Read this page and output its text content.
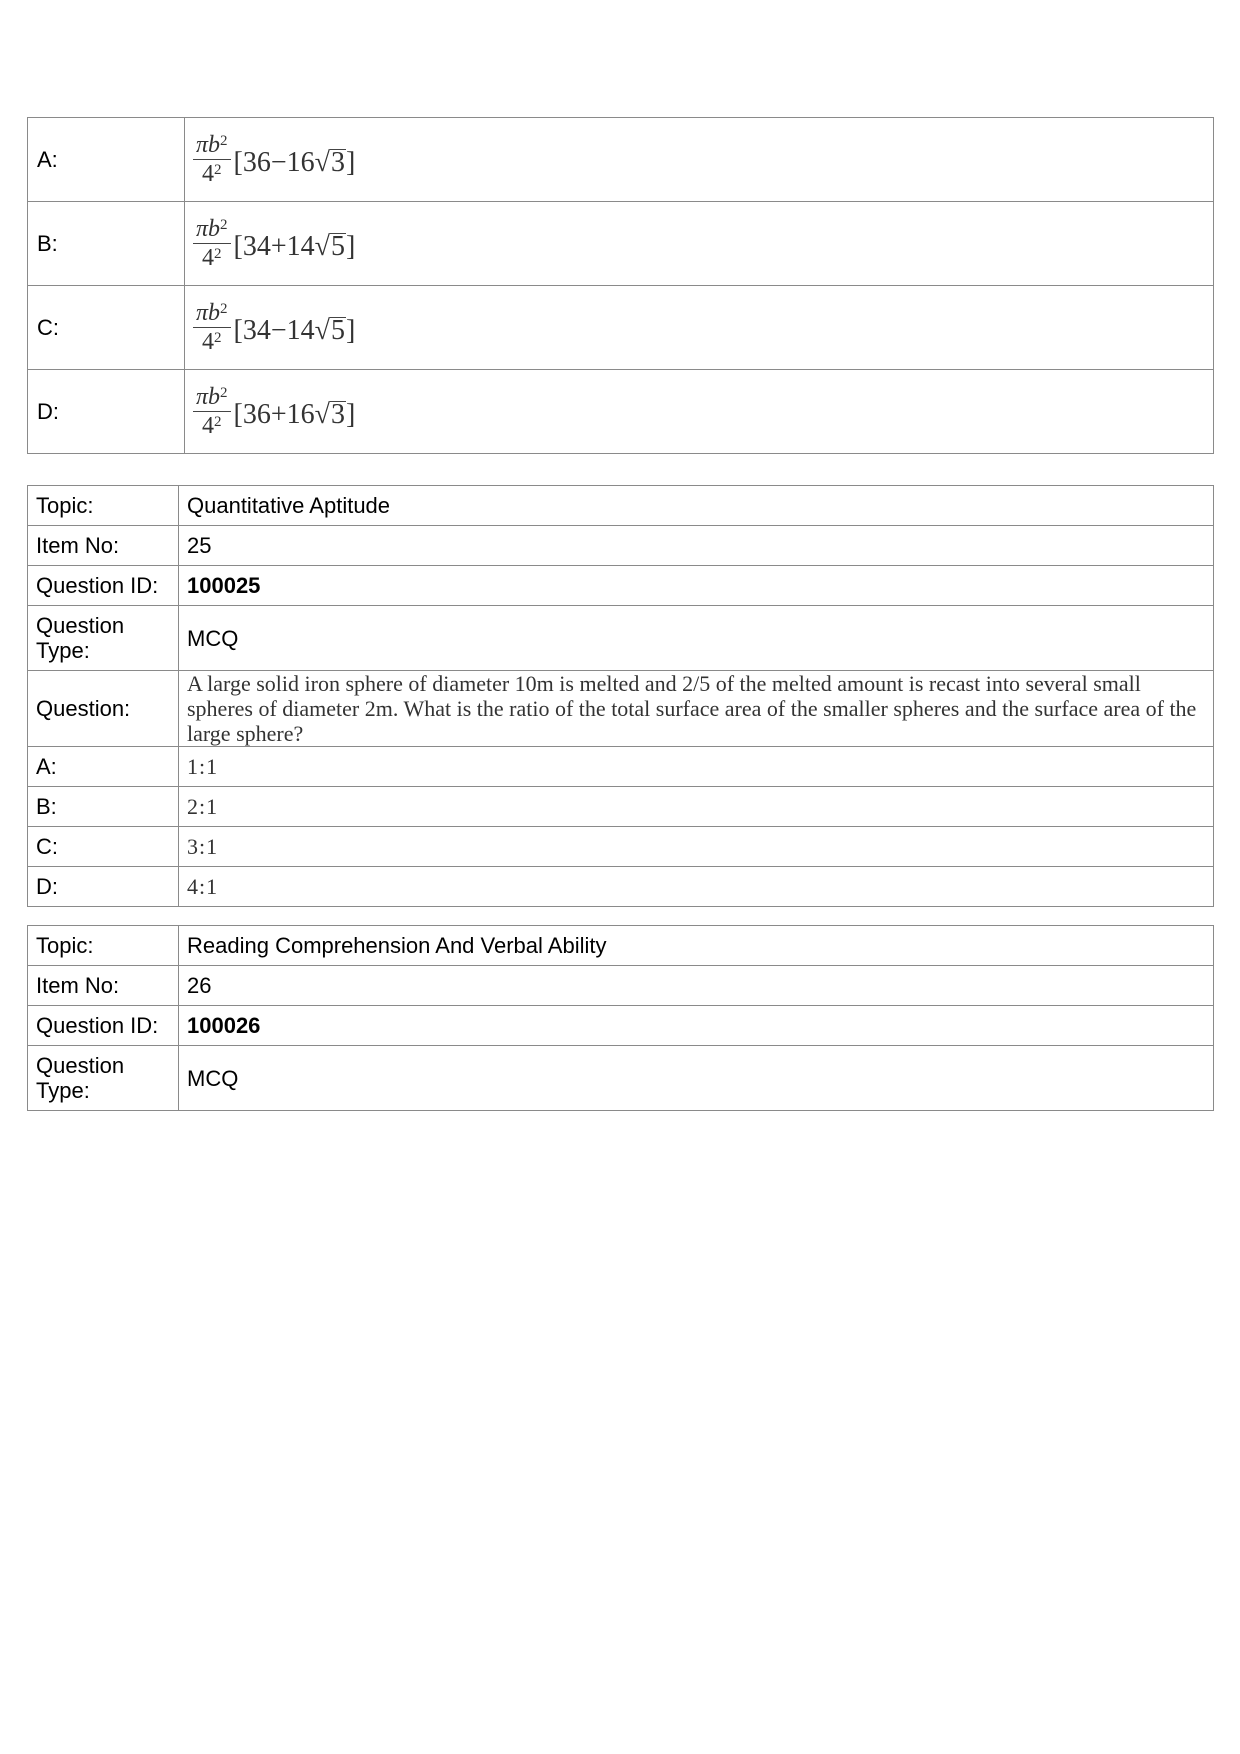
A:	$\frac{\pi b^2}{4^2} [36-16√3]$

B:	$\frac{\pi b^2}{4^2} [34+14√5]$

C:	$\frac{\pi b^2}{4^2} [34-14√5]$

D:	$\frac{\pi b^2}{4^2} [36+16√3]$
Topic:	Quantitative Aptitude
Item No:	25
Question ID:	100025
Question Type:	MCQ
Question:	A large solid iron sphere of diameter 10m is melted and 2/5 of the melted amount is recast into several small spheres of diameter 2m. What is the ratio of the total surface area of the smaller spheres and the surface area of the large sphere?
A:	1:1
B:	2:1
C:	3:1
D:	4:1
Topic:	Reading Comprehension And Verbal Ability
Item No:	26
Question ID:	100026
Question Type:	MCQ
